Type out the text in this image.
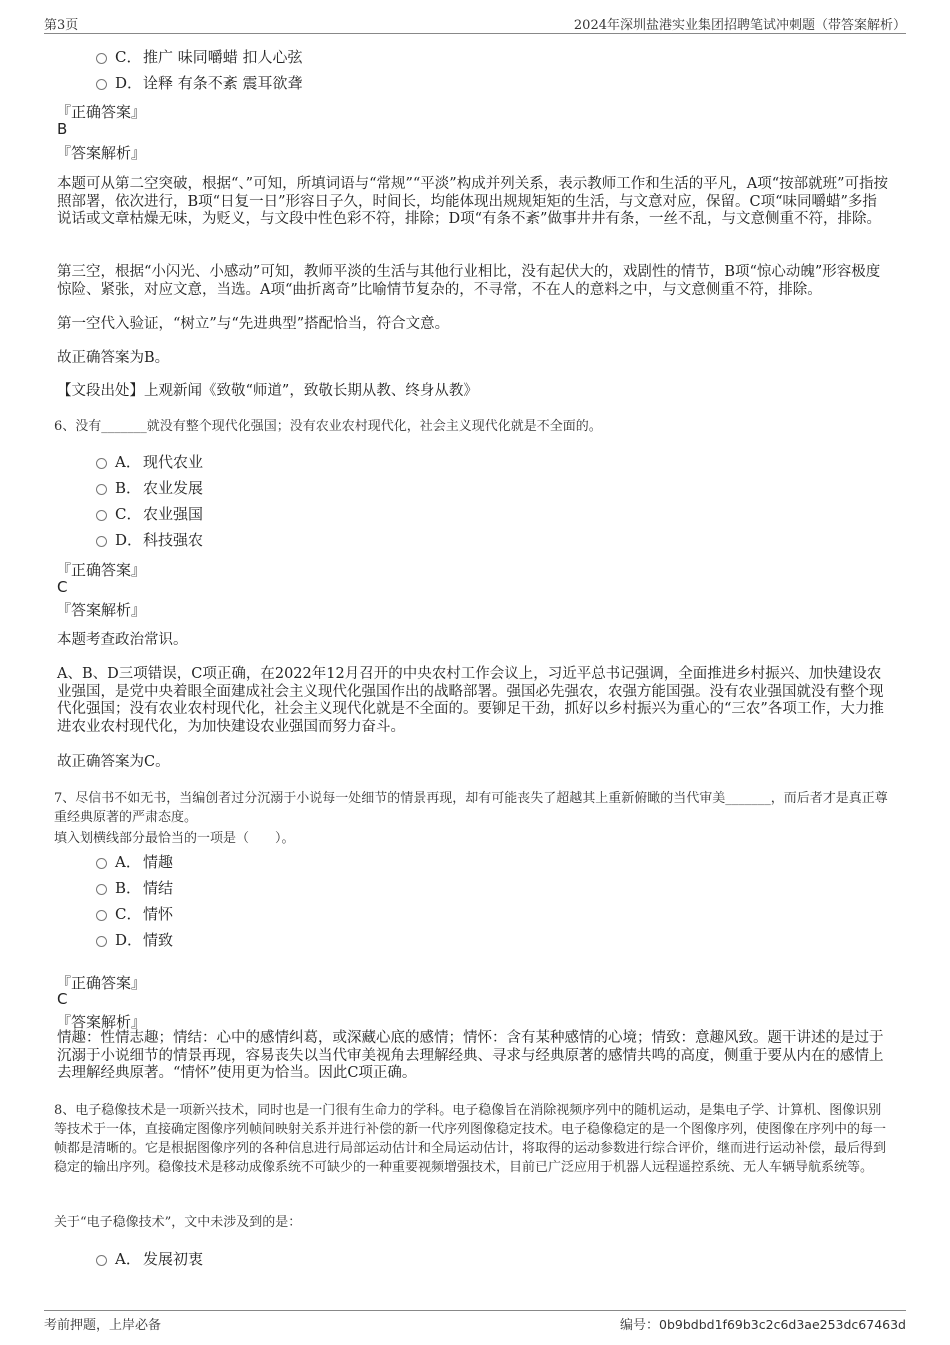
第3页	2024年深圳盐港实业集团招聘笔试冲刺题（带答案解析）
C． 推广 味同嚼蜡 扣人心弦
D．诠释 有条不紊 震耳欲聋
『正确答案』
B
『答案解析』
本题可从第二空突破，根据“、”可知，所填词语与“常规”“平淡”构成并列关系，表示教师工作和生活的平凡，A项“按部就班”可指按照部署，依次进行，B项“日复一日”形容日子久，时间长，均能体现出规规矩矩的生活，与文意对应，保留。C项“味同嚼蜡”多指说话或文章枯燥无味，为贬义，与文段中性色彩不符，排除；D项“有条不紊”做事井井有条，一丝不乱，与文意侧重不符，排除。
第三空，根据“小闪光、小感动”可知，教师平淡的生活与其他行业相比，没有起伏大的，戏剧性的情节，B项“惊心动魄”形容极度惊险、紧张，对应文意，当选。A项“曲折离奇”比喻情节复杂的，不寻常，不在人的意料之中，与文意侧重不符，排除。
第一空代入验证，“树立”与“先进典型”搭配恰当，符合文意。
故正确答案为B。
【文段出处】上观新闻《致敬“师道”，致敬长期从教、终身从教》
6、没有_______就没有整个现代化强国；没有农业农村现代化，社会主义现代化就是不全面的。
A． 现代农业
B． 农业发展
C． 农业强国
D．科技强农
『正确答案』
C
『答案解析』
本题考查政治常识。
A、B、D三项错误，C项正确，在2022年12月召开的中央农村工作会议上，习近平总书记强调，全面推进乡村振兴、加快建设农业强国，是党中央着眼全面建成社会主义现代化强国作出的战略部署。强国必先强农，农强方能国强。没有农业强国就没有整个现代化强国；没有农业农村现代化，社会主义现代化就是不全面的。要铆足干劲，抓好以乡村振兴为重心的“三农”各项工作，大力推进农业农村现代化，为加快建设农业强国而努力奋斗。
故正确答案为C。
7、尽信书不如无书，当编创者过分沉溺于小说每一处细节的情景再现，却有可能丧失了超越其上重新俯瞰的当代审美_______，而后者才是真正尊重经典原著的严肃态度。
填入划横线部分最恰当的一项是（　　）。
A． 情趣
B． 情结
C． 情怀
D．情致
『正确答案』
C
『答案解析』
情趣：性情志趣；情结：心中的感情纠葛，或深藏心底的感情；情怀：含有某种感情的心境；情致：意趣风致。题干讲述的是过于沉溺于小说细节的情景再现，容易丧失以当代审美视角去理解经典、寻求与经典原著的感情共鸣的高度，侧重于要从内在的感情上去理解经典原著。“情怀”使用更为恰当。因此C项正确。
8、电子稳像技术是一项新兴技术，同时也是一门很有生命力的学科。电子稳像旨在消除视频序列中的随机运动，是集电子学、计算机、图像识别等技术于一体，直接确定图像序列帧间映射关系并进行补偿的新一代序列图像稳定技术。电子稳像稳定的是一个图像序列，使图像在序列中的每一帧都是清晰的。它是根据图像序列的各种信息进行局部运动估计和全局运动估计，将取得的运动参数进行综合评价，继而进行运动补偿，最后得到稳定的输出序列。稳像技术是移动成像系统不可缺少的一种重要视频增强技术，目前已广泛应用于机器人远程遥控系统、无人车辆导航系统等。
关于“电子稳像技术”，文中未涉及到的是：
A． 发展初衷
考前押题，上岸必备	编号：0b9bdbd1f69b3c2c6d3ae253dc67463d
